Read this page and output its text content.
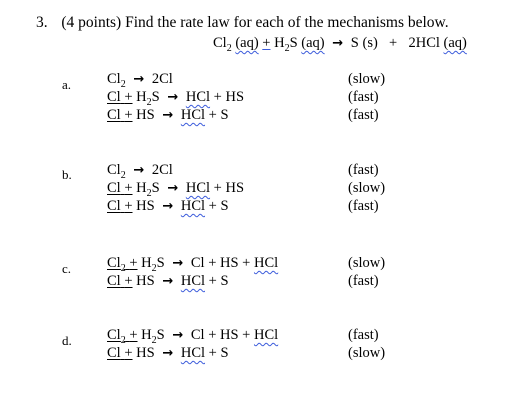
3. (4 points) Find the rate law for each of the mechanisms below.
$Cl_2$ $(aq) + H_2S$ (aq) → S (s) + 2HCl (aq)
a. $Cl_2 \to 2Cl$	(slow)
$Cl + H_2S$ → HCl + HS	(fast)
Cl + HS → HCl + S	(fast)
b. $Cl_2 \to 2Cl$	(fast)
$Cl + H_2S$ → HCl + HS	(slow)
Cl + HS → HCl + S	(fast)
c. $Cl_2 + H_2S \to Cl$ + HS + HCl	(slow)
Cl + HS → HCl + S	(fast)
d. $Cl_2 + H_2S \to Cl$ + HS + HCl	(fast)
Cl + HS → HCl + S	(slow)
